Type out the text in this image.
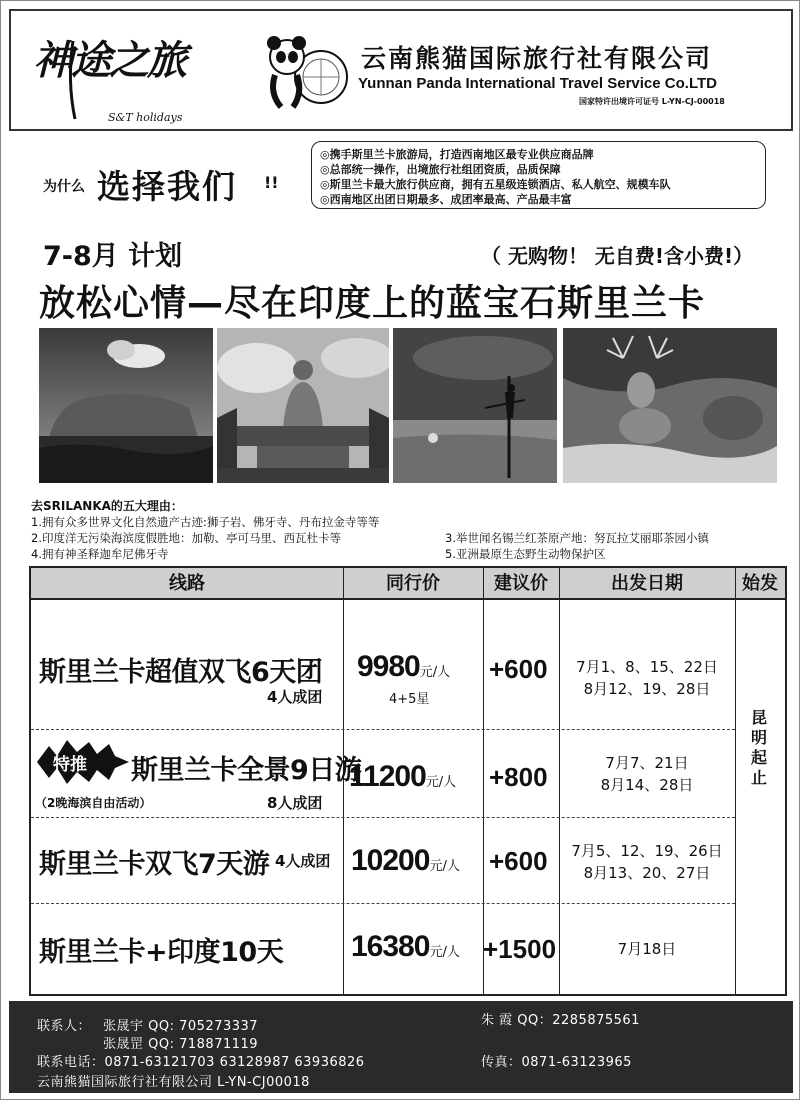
神途之旅
S&T holidays
云南熊猫国际旅行社有限公司
Yunnan Panda International Travel Service Co.LTD
国家特许出境许可证号 L-YN-CJ-00018
为什么 选择我们 !!
◎携手斯里兰卡旅游局，打造西南地区最专业供应商品牌
◎总部统一操作，出境旅行社组团资质，品质保障
◎斯里兰卡最大旅行供应商，拥有五星级连锁酒店、私人航空、规模车队
◎西南地区出团日期最多、成团率最高、产品最丰富
7-8月 计划	（ 无购物！ 无自费!含小费!）
放松心情—尽在印度上的蓝宝石斯里兰卡
去SRILANKA的五大理由：
1.拥有众多世界文化自然遗产古迹:狮子岩、佛牙寺、丹布拉金寺等等
2.印度洋无污染海滨度假胜地：加勒、亭可马里、西瓦杜卡等	3.举世闻名锡兰红茶原产地：努瓦拉艾丽耶茶园小镇
4.拥有神圣释迦牟尼佛牙寺	5.亚洲最原生态野生动物保护区
线路	同行价	建议价	出发日期	始发
斯里兰卡超值双飞6天团
4人成团
9980元/人
4+5星
+600	7月1、8、15、22日
8月12、19、28日
特推 斯里兰卡全景9日游
（2晚海滨自由活动）	8人成团
11200元/人 +800	7月7、21日
8月14、28日
斯里兰卡双飞7天游 4人成团 10200元/人 +600	7月5、12、19、26日
8月13、20、27日
斯里兰卡+印度10天 16380元/人 +1500	7月18日
昆明起止
联系人： 张晟宇 QQ: 705273337
张晟罡 QQ: 718871119
朱 霞 QQ：2285875561
联系电话：0871-63121703 63128987 63936826	传真：0871-63123965
云南熊猫国际旅行社有限公司 L-YN-CJ00018
